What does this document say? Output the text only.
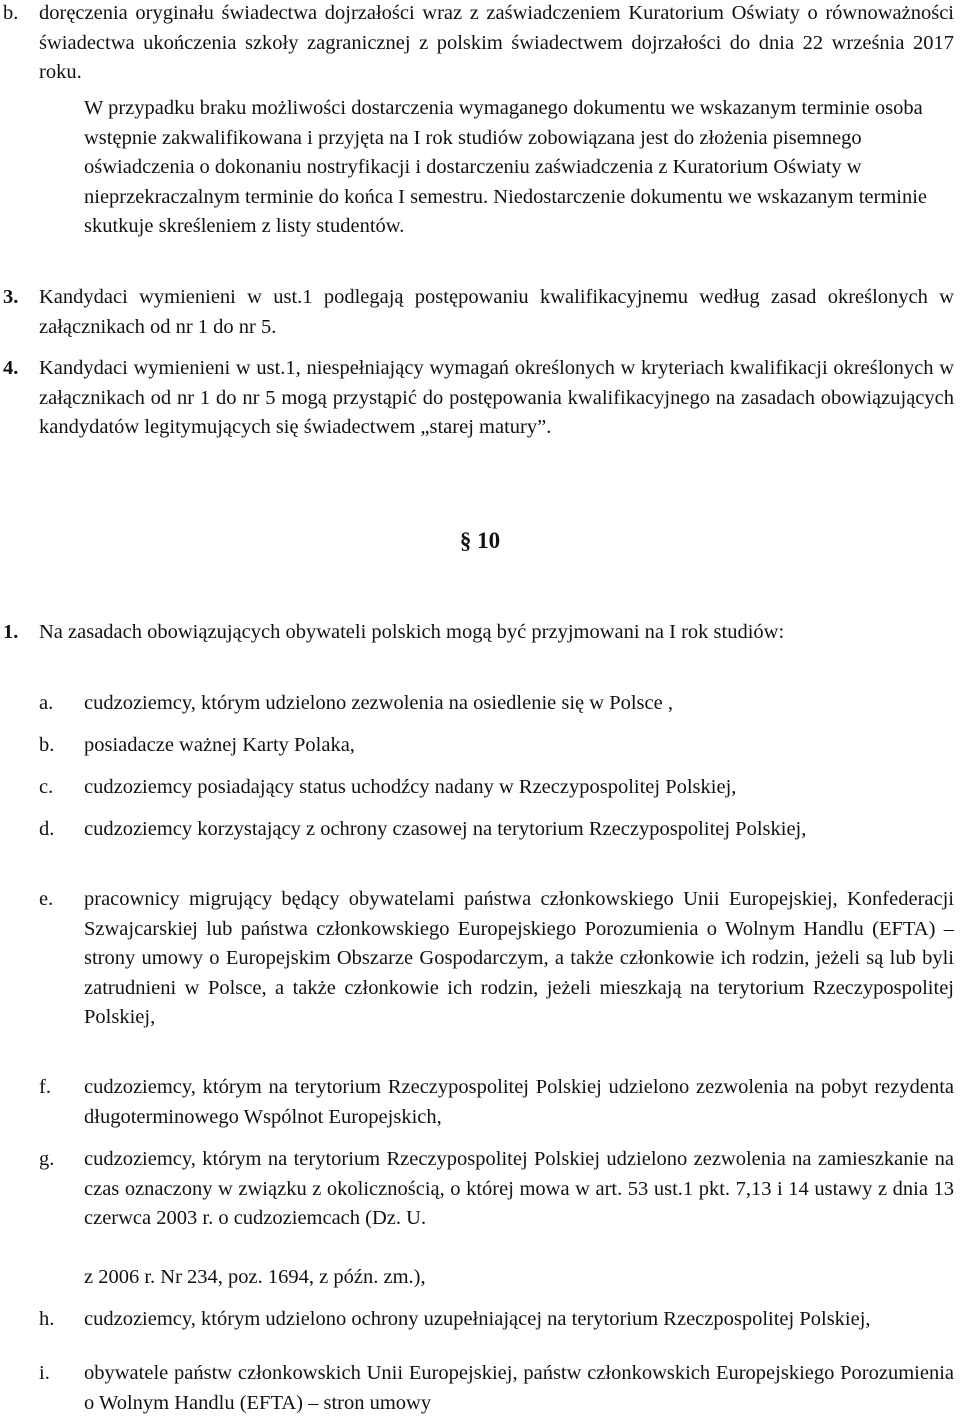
b. doręczenia oryginału świadectwa dojrzałości wraz z zaświadczeniem Kuratorium Oświaty o równoważności świadectwa ukończenia szkoły zagranicznej z polskim świadectwem dojrzałości do dnia 22 września 2017 roku.
W przypadku braku możliwości dostarczenia wymaganego dokumentu we wskazanym terminie osoba wstępnie zakwalifikowana i przyjęta na I rok studiów zobowiązana jest do złożenia pisemnego oświadczenia o dokonaniu nostryfikacji i dostarczeniu zaświadczenia z Kuratorium Oświaty w nieprzekraczalnym terminie do końca I semestru. Niedostarczenie dokumentu we wskazanym terminie skutkuje skreśleniem z listy studentów.
3. Kandydaci wymienieni w ust.1 podlegają postępowaniu kwalifikacyjnemu według zasad określonych w załącznikach od nr 1 do nr 5.
4. Kandydaci wymienieni w ust.1, niespełniający wymagań określonych w kryteriach kwalifikacji określonych w załącznikach od nr 1 do nr 5 mogą przystąpić do postępowania kwalifikacyjnego na zasadach obowiązujących kandydatów legitymujących się świadectwem „starej matury”.
§ 10
1. Na zasadach obowiązujących obywateli polskich mogą być przyjmowani na I rok studiów:
a. cudzoziemcy, którym udzielono zezwolenia na osiedlenie się w Polsce ,
b. posiadacze ważnej Karty Polaka,
c. cudzoziemcy posiadający status uchodźcy nadany w Rzeczypospolitej Polskiej,
d. cudzoziemcy korzystający z ochrony czasowej na terytorium Rzeczypospolitej Polskiej,
e. pracownicy migrujący będący obywatelami państwa członkowskiego Unii Europejskiej, Konfederacji Szwajcarskiej lub państwa członkowskiego Europejskiego Porozumienia o Wolnym Handlu (EFTA) – strony umowy o Europejskim Obszarze Gospodarczym, a także członkowie ich rodzin, jeżeli są lub byli zatrudnieni w Polsce, a także członkowie ich rodzin, jeżeli mieszkają na terytorium Rzeczypospolitej Polskiej,
f. cudzoziemcy, którym na terytorium Rzeczypospolitej Polskiej udzielono zezwolenia na pobyt rezydenta długoterminowego Wspólnot Europejskich,
g. cudzoziemcy, którym na terytorium Rzeczypospolitej Polskiej udzielono zezwolenia na zamieszkanie na czas oznaczony w związku z okolicznością, o której mowa w art. 53 ust.1 pkt. 7,13 i 14 ustawy z dnia 13 czerwca 2003 r. o cudzoziemcach (Dz. U.
z 2006 r. Nr 234, poz. 1694, z późn. zm.),
h. cudzoziemcy, którym udzielono ochrony uzupełniającej na terytorium Rzeczpospolitej Polskiej,
i. obywatele państw członkowskich Unii Europejskiej, państw członkowskich Europejskiego Porozumienia o Wolnym Handlu (EFTA) – stron umowy
